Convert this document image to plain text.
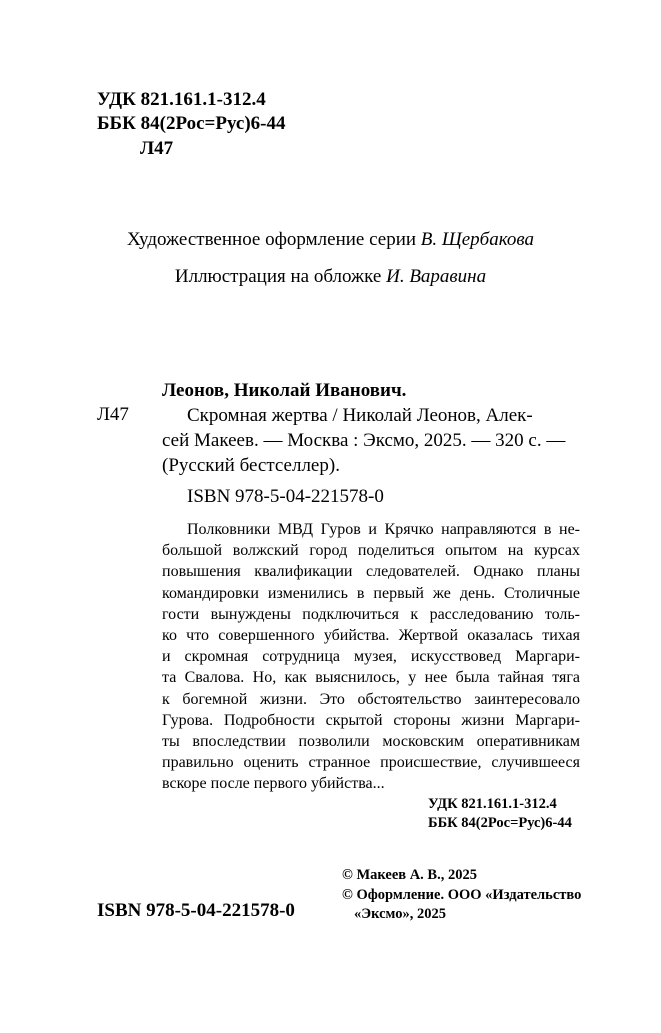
УДК 821.161.1-312.4
ББК 84(2Рос=Рус)6-44
Л47
Художественное оформление серии В. Щербакова
Иллюстрация на обложке И. Варавина
Леонов, Николай Иванович.
Л47	Скромная жертва / Николай Леонов, Алек-
сей Макеев. — Москва : Эксмо, 2025. — 320 с. —
(Русский бестселлер).
ISBN 978-5-04-221578-0
Полковники МВД Гуров и Крячко направляются в не-
большой волжский город поделиться опытом на курсах
повышения квалификации следователей. Однако планы
командировки изменились в первый же день. Столичные
гости вынуждены подключиться к расследованию толь-
ко что совершенного убийства. Жертвой оказалась тихая
и скромная сотрудница музея, искусствовед Маргари-
та Свалова. Но, как выяснилось, у нее была тайная тяга
к богемной жизни. Это обстоятельство заинтересовало
Гурова. Подробности скрытой стороны жизни Маргари-
ты впоследствии позволили московским оперативникам
правильно оценить странное происшествие, случившееся
вскоре после первого убийства...
УДК 821.161.1-312.4
ББК 84(2Рос=Рус)6-44
© Макеев А. В., 2025
© Оформление. ООО «Издательство
«Эксмо», 2025
ISBN 978-5-04-221578-0
